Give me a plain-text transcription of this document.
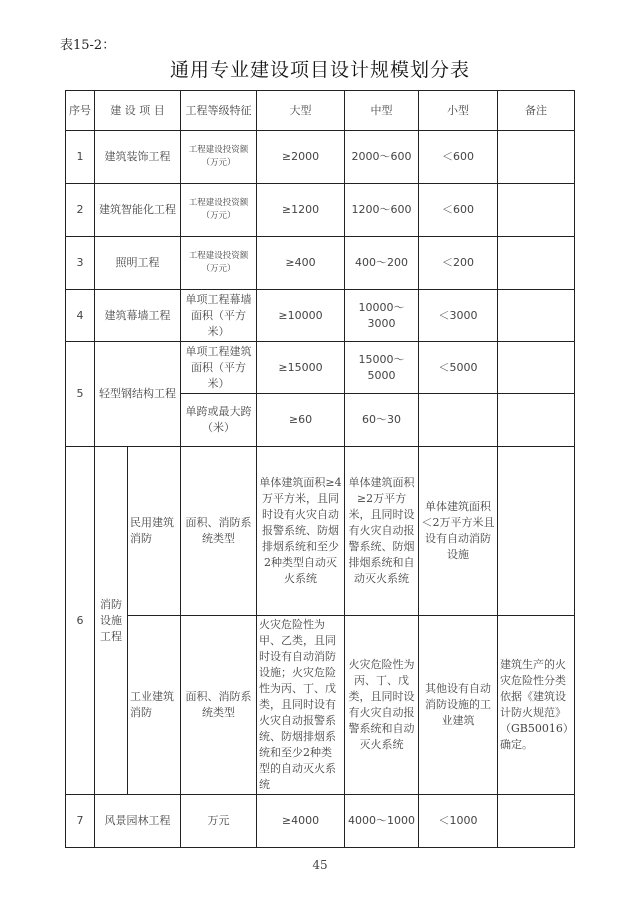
表15-2：
通用专业建设项目设计规模划分表
序号	建 设 项 目		工程等级特征	大型	中型	小型	备注
1	建筑装饰工程		工程建设投资额（万元）	≥2000	2000～600	＜600	
2	建筑智能化工程		工程建设投资额（万元）	≥1200	1200～600	＜600	
3	照明工程		工程建设投资额（万元）	≥400	400～200	＜200	
4	建筑幕墙工程		单项工程幕墙面积（平方米）	≥10000	10000～3000	＜3000	
5	轻型钢结构工程		单项工程建筑面积（平方米）	≥15000	15000～5000	＜5000	
			单跨或最大跨（米）	≥60	60～30		
6	消防设施工程	民用建筑消防	面积、消防系统类型	单体建筑面积≥4万平方米，且同时设有火灾自动报警系统、防烟排烟系统和至少2种类型自动灭火系统	单体建筑面积≥2万平方米，且同时设有火灾自动报警系统、防烟排烟系统和自动灭火系统	单体建筑面积＜2万平方米且设有自动消防设施	
		工业建筑消防	面积、消防系统类型	火灾危险性为甲、乙类，且同时设有自动消防设施；火灾危险性为丙、丁、戊类，且同时设有火灾自动报警系统、防烟排烟系统和至少2种类型的自动灭火系统	火灾危险性为丙、丁、戊类，且同时设有火灾自动报警系统和自动灭火系统	其他设有自动消防设施的工业建筑	建筑生产的火灾危险性分类依据《建筑设计防火规范》（GB50016）确定。
7	风景园林工程		万元	≥4000	4000～1000	＜1000	
45
